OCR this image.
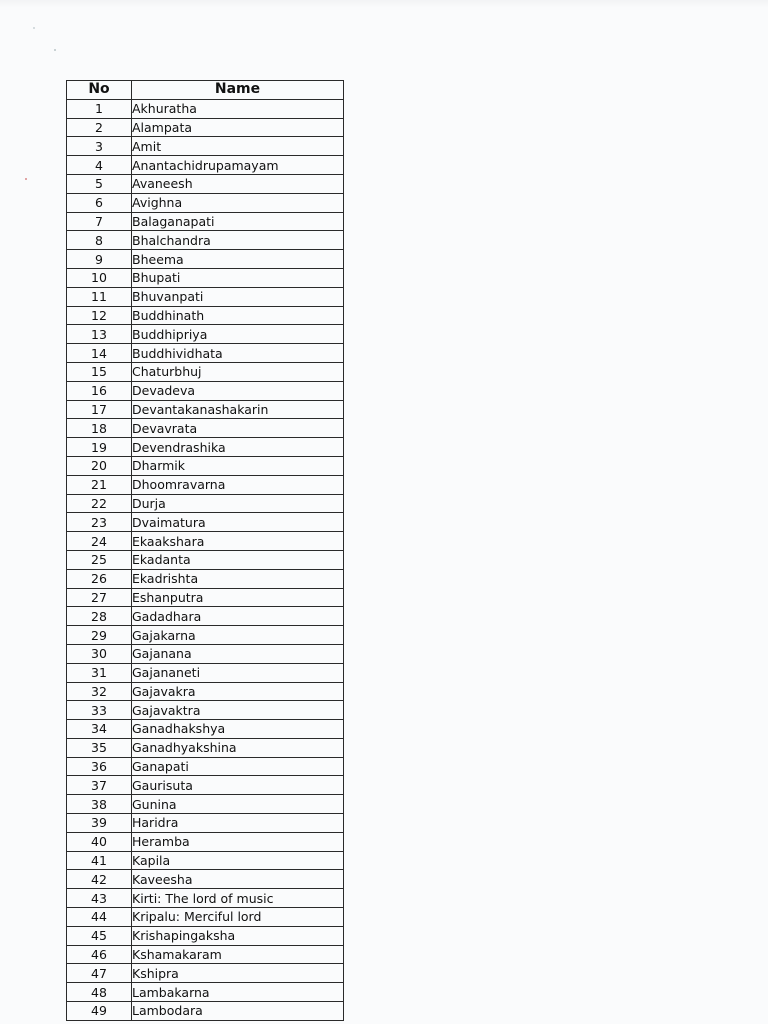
No	Name
1	Akhuratha
2	Alampata
3	Amit
4	Anantachidrupamayam
5	Avaneesh
6	Avighna
7	Balaganapati
8	Bhalchandra
9	Bheema
10	Bhupati
11	Bhuvanpati
12	Buddhinath
13	Buddhipriya
14	Buddhividhata
15	Chaturbhuj
16	Devadeva
17	Devantakanashakarin
18	Devavrata
19	Devendrashika
20	Dharmik
21	Dhoomravarna
22	Durja
23	Dvaimatura
24	Ekaakshara
25	Ekadanta
26	Ekadrishta
27	Eshanputra
28	Gadadhara
29	Gajakarna
30	Gajanana
31	Gajananeti
32	Gajavakra
33	Gajavaktra
34	Ganadhakshya
35	Ganadhyakshina
36	Ganapati
37	Gaurisuta
38	Gunina
39	Haridra
40	Heramba
41	Kapila
42	Kaveesha
43	Kirti: The lord of music
44	Kripalu: Merciful lord
45	Krishapingaksha
46	Kshamakaram
47	Kshipra
48	Lambakarna
49	Lambodara
